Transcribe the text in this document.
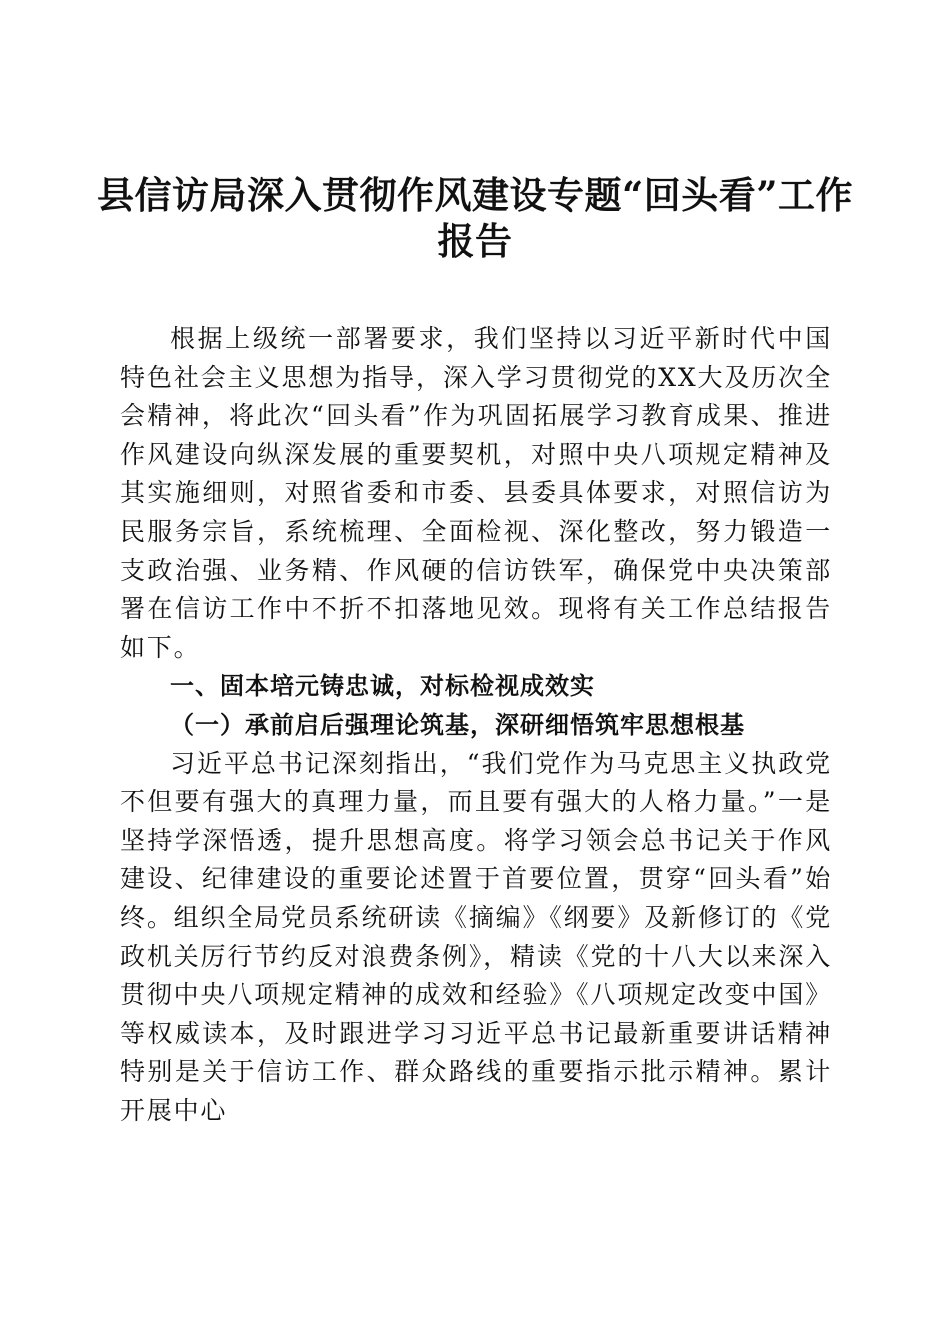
县信访局深入贯彻作风建设专题“回头看”工作报告

根据上级统一部署要求，我们坚持以习近平新时代中国特色社会主义思想为指导，深入学习贯彻党的XX大及历次全会精神，将此次“回头看”作为巩固拓展学习教育成果、推进作风建设向纵深发展的重要契机，对照中央八项规定精神及其实施细则，对照省委和市委、县委具体要求，对照信访为民服务宗旨，系统梳理、全面检视、深化整改，努力锻造一支政治强、业务精、作风硬的信访铁军，确保党中央决策部署在信访工作中不折不扣落地见效。现将有关工作总结报告如下。

一、固本培元铸忠诚，对标检视成效实

（一）承前启后强理论筑基，深研细悟筑牢思想根基

习近平总书记深刻指出，“我们党作为马克思主义执政党不但要有强大的真理力量，而且要有强大的人格力量。”一是坚持学深悟透，提升思想高度。将学习领会总书记关于作风建设、纪律建设的重要论述置于首要位置，贯穿“回头看”始终。组织全局党员系统研读《摘编》《纲要》及新修订的《党政机关厉行节约反对浪费条例》，精读《党的十八大以来深入贯彻中央八项规定精神的成效和经验》《八项规定改变中国》等权威读本，及时跟进学习习近平总书记最新重要讲话精神特别是关于信访工作、群众路线的重要指示批示精神。累计开展中心
